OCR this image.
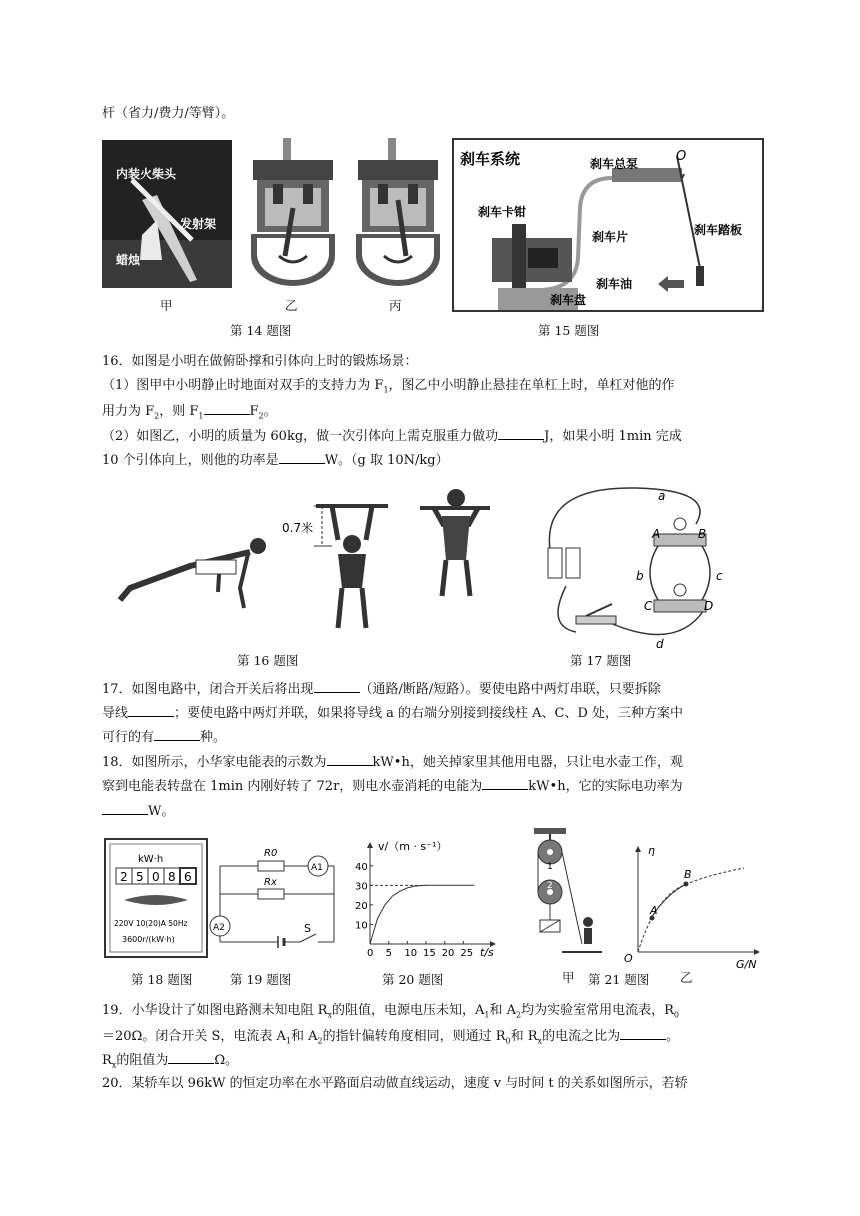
杆（省力/费力/等臂）。
内装火柴头
发射架
蜡烛
甲	乙	丙
第 14 题图
刹车系统	刹车总泵	O
刹车卡钳
刹车片	刹车踏板
刹车油
刹车盘
第 15 题图
16．如图是小明在做俯卧撑和引体向上时的锻炼场景：
（1）图甲中小明静止时地面对双手的支持力为 $F_1$，图乙中小明静止悬挂在单杠上时，单杠对他的作
用力为 $F_2$，则 $F_1$	$F_2$。
（2）如图乙，小明的质量为 60kg，做一次引体向上需克服重力做功	J，如果小明 1min 完成
10 个引体向上，则他的功率是	W。（g 取 10N/kg）
0.7米
第 16 题图
a
A	B
b	c
C	D
d
第 17 题图
17．如图电路中，闭合开关后将出现	（通路/断路/短路）。要使电路中两灯串联，只要拆除
导线	；要使电路中两灯并联，如果将导线 a 的右端分别接到接线柱 A、C、D 处，三种方案中
可行的有	种。
18．如图所示，小华家电能表的示数为	kW•h，她关掉家里其他用电器，只让电水壶工作，观
察到电能表转盘在 1min 内刚好转了 72r，则电水壶消耗的电能为	kW•h，它的实际电功率为
W。
kW·h
2 5 0 8 6
220V 10(20)A 50Hz
3600r/(kW·h)
第 18 题图
R0
A1
Rx
A2	S
第 19 题图
v/（m · s⁻¹）
t/s
40
30
20
10
0 5 10 15 20 25
第 20 题图
1
2
甲 第 21 题图
η
A
B
O	G/N
乙
19．小华设计了如图电路测未知电阻 $R_x$的阻值，电源电压未知，$A_1$和 $A_2$均为实验室常用电流表，$R_0$
＝20Ω。闭合开关 S，电流表 $A_1$和 $A_2$的指针偏转角度相同，则通过 $R_0$和 $R_x$的电流之比为	。
$R_x$的阻值为	Ω。
20．某轿车以 96kW 的恒定功率在水平路面启动做直线运动，速度 v 与时间 t 的关系如图所示，若轿
